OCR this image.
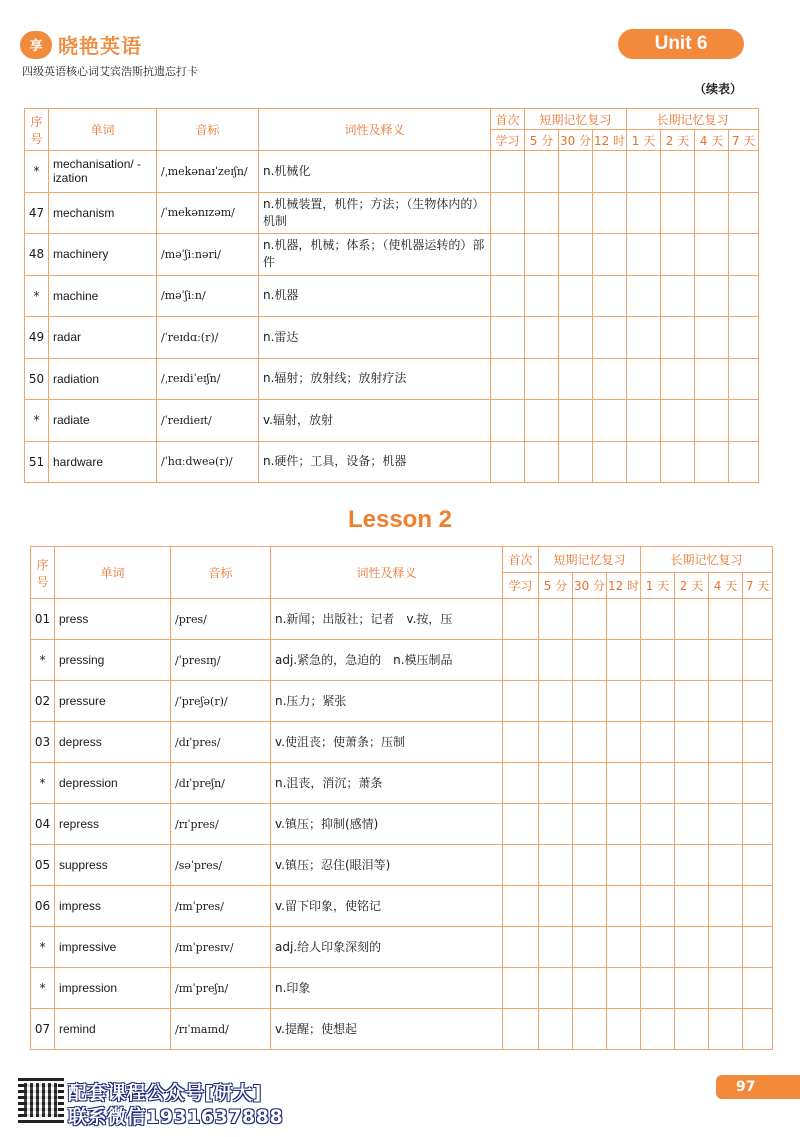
享 晓艳英语
四级英语核心词艾宾浩斯抗遗忘打卡
Unit 6
（续表）
序号	单词	音标	词性及释义	首次	短期记忆复习			长期记忆复习			
				学习	5 分	30 分	12 时	1 天	2 天	4 天	7 天
*	mechanisation/ -ization	/ˌmekənaɪˈzeɪʃn/	n.机械化								
47	mechanism	/ˈmekənɪzəm/	n.机械装置，机件；方法；（生物体内的）机制								
48	machinery	/məˈʃiːnəri/	n.机器，机械；体系；（使机器运转的）部件								
*	machine	/məˈʃiːn/	n.机器								
49	radar	/ˈreɪdɑː(r)/	n.雷达								
50	radiation	/ˌreɪdiˈeɪʃn/	n.辐射；放射线；放射疗法								
*	radiate	/ˈreɪdieɪt/	v.辐射，放射								
51	hardware	/ˈhɑːdweə(r)/	n.硬件；工具，设备；机器								
Lesson 2
序号	单词	音标	词性及释义	首次	短期记忆复习			长期记忆复习			
				学习	5 分	30 分	12 时	1 天	2 天	4 天	7 天
01	press	/pres/	n.新闻；出版社；记者　v.按，压								
*	pressing	/ˈpresɪŋ/	adj.紧急的，急迫的　n.模压制品								
02	pressure	/ˈpreʃə(r)/	n.压力；紧张								
03	depress	/dɪˈpres/	v.使沮丧；使萧条；压制								
*	depression	/dɪˈpreʃn/	n.沮丧，消沉；萧条								
04	repress	/rɪˈpres/	v.镇压；抑制(感情)								
05	suppress	/səˈpres/	v.镇压；忍住(眼泪等)								
06	impress	/ɪmˈpres/	v.留下印象，使铭记								
*	impressive	/ɪmˈpresɪv/	adj.给人印象深刻的								
*	impression	/ɪmˈpreʃn/	n.印象								
07	remind	/rɪˈmaɪnd/	v.提醒；使想起								
配套课程公众号[研大]
联系微信1931637888
97
